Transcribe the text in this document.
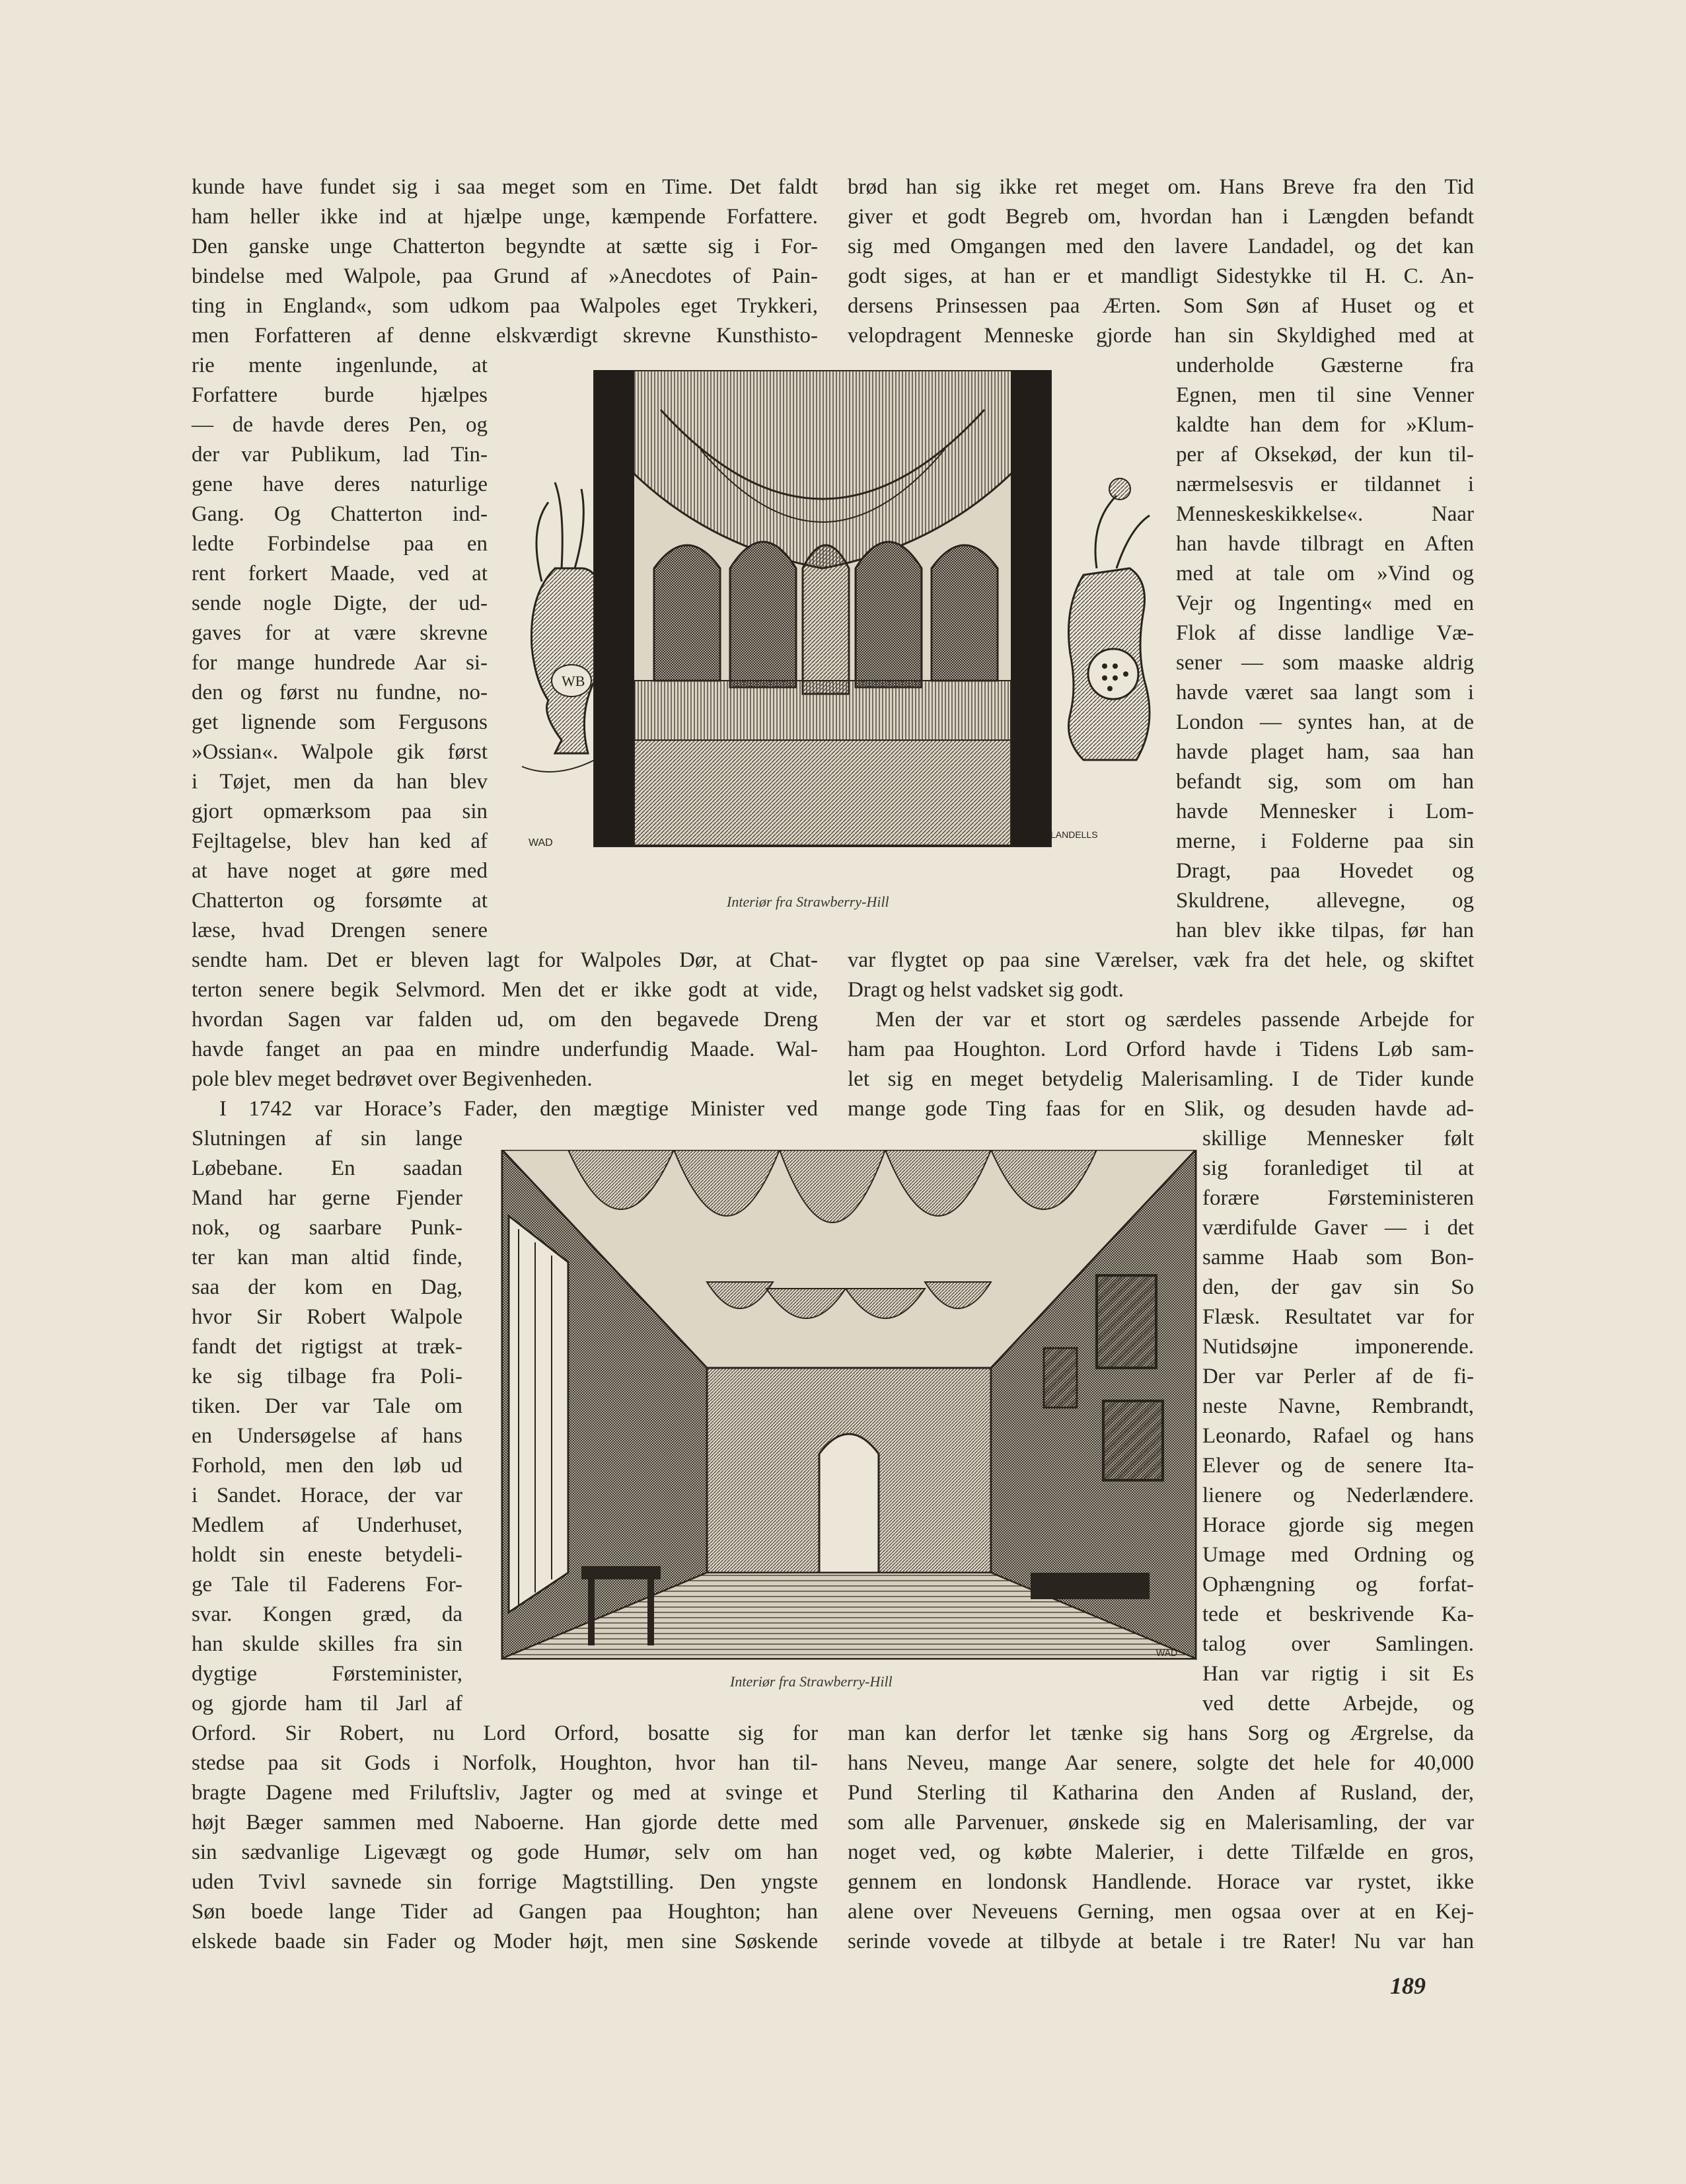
kunde have fundet sig i saa meget som en Time. Det faldt
ham heller ikke ind at hjælpe unge, kæmpende Forfattere.
Den ganske unge Chatterton begyndte at sætte sig i For-
bindelse med Walpole, paa Grund af »Anecdotes of Pain-
ting in England«, som udkom paa Walpoles eget Trykkeri,
men Forfatteren af denne elskværdigt skrevne Kunsthisto-
rie mente ingenlunde, at
Forfattere burde hjælpes
— de havde deres Pen, og
der var Publikum, lad Tin-
gene have deres naturlige
Gang. Og Chatterton ind-
ledte Forbindelse paa en
rent forkert Maade, ved at
sende nogle Digte, der ud-
gaves for at være skrevne
for mange hundrede Aar si-
den og først nu fundne, no-
get lignende som Fergusons
»Ossian«. Walpole gik først
i Tøjet, men da han blev
gjort opmærksom paa sin
Fejltagelse, blev han ked af
at have noget at gøre med
Chatterton og forsømte at
læse, hvad Drengen senere
sendte ham. Det er bleven lagt for Walpoles Dør, at Chat-
terton senere begik Selvmord. Men det er ikke godt at vide,
hvordan Sagen var falden ud, om den begavede Dreng
havde fanget an paa en mindre underfundig Maade. Wal-
pole blev meget bedrøvet over Begivenheden.
I 1742 var Horace’s Fader, den mægtige Minister ved
Slutningen af sin lange
Løbebane. En saadan
Mand har gerne Fjender
nok, og saarbare Punk-
ter kan man altid finde,
saa der kom en Dag,
hvor Sir Robert Walpole
fandt det rigtigst at træk-
ke sig tilbage fra Poli-
tiken. Der var Tale om
en Undersøgelse af hans
Forhold, men den løb ud
i Sandet. Horace, der var
Medlem af Underhuset,
holdt sin eneste betydeli-
ge Tale til Faderens For-
svar. Kongen græd, da
han skulde skilles fra sin
dygtige Førsteminister,
og gjorde ham til Jarl af
Orford. Sir Robert, nu Lord Orford, bosatte sig for
stedse paa sit Gods i Norfolk, Houghton, hvor han til-
bragte Dagene med Friluftsliv, Jagter og med at svinge et
højt Bæger sammen med Naboerne. Han gjorde dette med
sin sædvanlige Ligevægt og gode Humør, selv om han
uden Tvivl savnede sin forrige Magtstilling. Den yngste
Søn boede lange Tider ad Gangen paa Houghton; han
elskede baade sin Fader og Moder højt, men sine Søskende
brød han sig ikke ret meget om. Hans Breve fra den Tid
giver et godt Begreb om, hvordan han i Længden befandt
sig med Omgangen med den lavere Landadel, og det kan
godt siges, at han er et mandligt Sidestykke til H. C. An-
dersens Prinsessen paa Ærten. Som Søn af Huset og et
velopdragent Menneske gjorde han sin Skyldighed med at
underholde Gæsterne fra
Egnen, men til sine Venner
kaldte han dem for »Klum-
per af Oksekød, der kun til-
nærmelsesvis er tildannet i
Menneskeskikkelse«. Naar
han havde tilbragt en Aften
med at tale om »Vind og
Vejr og Ingenting« med en
Flok af disse landlige Væ-
sener — som maaske aldrig
havde været saa langt som i
London — syntes han, at de
havde plaget ham, saa han
befandt sig, som om han
havde Mennesker i Lom-
merne, i Folderne paa sin
Dragt, paa Hovedet og
Skuldrene, allevegne, og
han blev ikke tilpas, før han
var flygtet op paa sine Værelser, væk fra det hele, og skiftet
Dragt og helst vadsket sig godt.
Men der var et stort og særdeles passende Arbejde for
ham paa Houghton. Lord Orford havde i Tidens Løb sam-
let sig en meget betydelig Malerisamling. I de Tider kunde
mange gode Ting faas for en Slik, og desuden havde ad-
skillige Mennesker følt
sig foranlediget til at
forære Førsteministeren
værdifulde Gaver — i det
samme Haab som Bon-
den, der gav sin So
Flæsk. Resultatet var for
Nutidsøjne imponerende.
Der var Perler af de fi-
neste Navne, Rembrandt,
Leonardo, Rafael og hans
Elever og de senere Ita-
lienere og Nederlændere.
Horace gjorde sig megen
Umage med Ordning og
Ophængning og forfat-
tede et beskrivende Ka-
talog over Samlingen.
Han var rigtig i sit Es
ved dette Arbejde, og
man kan derfor let tænke sig hans Sorg og Ærgrelse, da
hans Neveu, mange Aar senere, solgte det hele for 40,000
Pund Sterling til Katharina den Anden af Rusland, der,
som alle Parvenuer, ønskede sig en Malerisamling, der var
noget ved, og købte Malerier, i dette Tilfælde en gros,
gennem en londonsk Handlende. Horace var rystet, ikke
alene over Neveuens Gerning, men ogsaa over at en Kej-
serinde vovede at tilbyde at betale i tre Rater! Nu var han
WB
WAD
LANDELLS
Interiør fra Strawberry-Hill
WAD
Interiør fra Strawberry-Hill
189
